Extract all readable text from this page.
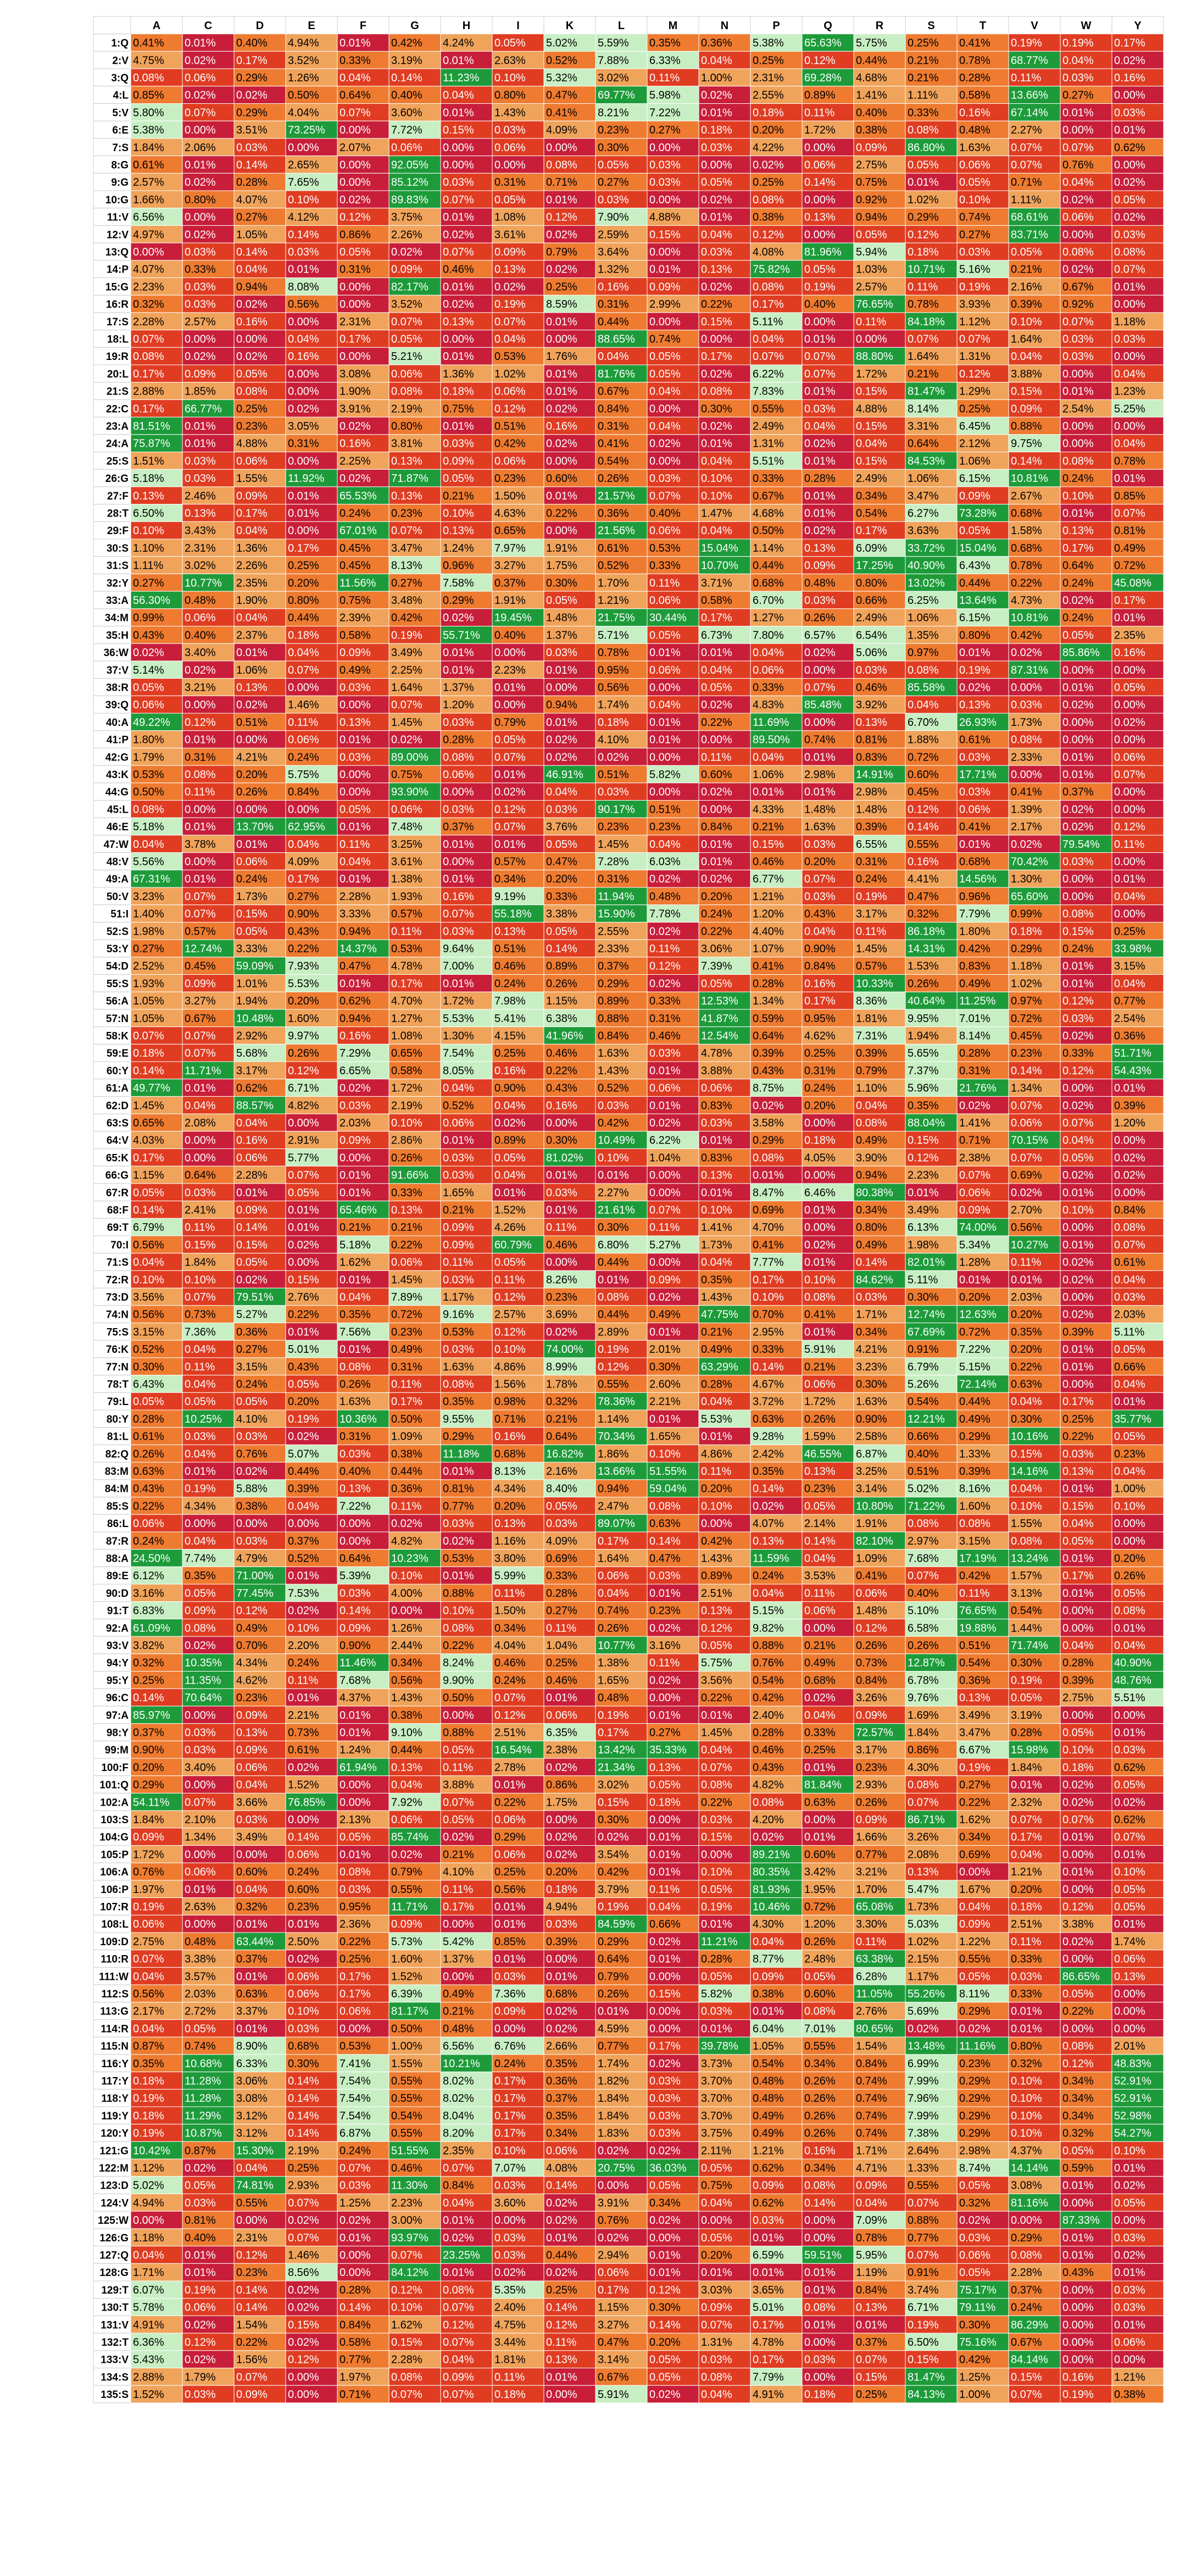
A	C	D	E	F	G	H	I	K	L	M	N	P	Q	R	S	T	V	W	Y
1:Q 0.41% 0.01% 0.40% 4.94% 0.01% 0.42% 4.24% 0.05% 5.02% 5.59% 0.35% 0.36% 5.38% 65.63% 5.75% 0.25% 0.41% 0.19% 0.19% 0.17%
2:V 4.75% 0.02% 0.17% 3.52% 0.33% 3.19% 0.01% 2.63% 0.52% 7.88% 6.33% 0.04% 0.25% 0.12% 0.44% 0.21% 0.78% 68.77% 0.04% 0.02%
3:Q 0.08% 0.06% 0.29% 1.26% 0.04% 0.14% 11.23% 0.10% 5.32% 3.02% 0.11% 1.00% 2.31% 69.28% 4.68% 0.21% 0.28% 0.11% 0.03% 0.16%
4:L 0.85% 0.02% 0.02% 0.50% 0.64% 0.40% 0.04% 0.80% 0.47% 69.77% 5.98% 0.02% 2.55% 0.89% 1.41% 1.11% 0.58% 13.66% 0.27% 0.00%
5:V 5.80% 0.07% 0.29% 4.04% 0.07% 3.60% 0.01% 1.43% 0.41% 8.21% 7.22% 0.01% 0.18% 0.11% 0.40% 0.33% 0.16% 67.14% 0.01% 0.03%
6:E 5.38% 0.00% 3.51% 73.25% 0.00% 7.72% 0.15% 0.03% 4.09% 0.23% 0.27% 0.18% 0.20% 1.72% 0.38% 0.08% 0.48% 2.27% 0.00% 0.01%
7:S 1.84% 2.06% 0.03% 0.00% 2.07% 0.06% 0.00% 0.06% 0.00% 0.30% 0.00% 0.03% 4.22% 0.00% 0.09% 86.80% 1.63% 0.07% 0.07% 0.62%
8:G 0.61% 0.01% 0.14% 2.65% 0.00% 92.05% 0.00% 0.00% 0.08% 0.05% 0.03% 0.00% 0.02% 0.06% 2.75% 0.05% 0.06% 0.07% 0.76% 0.00%
9:G 2.57% 0.02% 0.28% 7.65% 0.00% 85.12% 0.03% 0.31% 0.71% 0.27% 0.03% 0.05% 0.25% 0.14% 0.75% 0.01% 0.05% 0.71% 0.04% 0.02%
10:G 1.66% 0.80% 4.07% 0.10% 0.02% 89.83% 0.07% 0.05% 0.01% 0.03% 0.00% 0.02% 0.08% 0.00% 0.92% 1.02% 0.10% 1.11% 0.02% 0.05%
11:V 6.56% 0.00% 0.27% 4.12% 0.12% 3.75% 0.01% 1.08% 0.12% 7.90% 4.88% 0.01% 0.38% 0.13% 0.94% 0.29% 0.74% 68.61% 0.06% 0.02%
12:V 4.97% 0.02% 1.05% 0.14% 0.86% 2.26% 0.02% 3.61% 0.02% 2.59% 0.15% 0.04% 0.12% 0.00% 0.05% 0.12% 0.27% 83.71% 0.00% 0.03%
13:Q 0.00% 0.03% 0.14% 0.03% 0.05% 0.02% 0.07% 0.09% 0.79% 3.64% 0.00% 0.03% 4.08% 81.96% 5.94% 0.18% 0.03% 0.05% 0.08% 0.08%
14:P 4.07% 0.33% 0.04% 0.01% 0.31% 0.09% 0.46% 0.13% 0.02% 1.32% 0.01% 0.13% 75.82% 0.05% 1.03% 10.71% 5.16% 0.21% 0.02% 0.07%
15:G 2.23% 0.03% 0.94% 8.08% 0.00% 82.17% 0.01% 0.02% 0.25% 0.16% 0.09% 0.02% 0.08% 0.19% 2.57% 0.11% 0.19% 2.16% 0.67% 0.01%
16:R 0.32% 0.03% 0.02% 0.56% 0.00% 3.52% 0.02% 0.19% 8.59% 0.31% 2.99% 0.22% 0.17% 0.40% 76.65% 0.78% 3.93% 0.39% 0.92% 0.00%
17:S 2.28% 2.57% 0.16% 0.00% 2.31% 0.07% 0.13% 0.07% 0.01% 0.44% 0.00% 0.15% 5.11% 0.00% 0.11% 84.18% 1.12% 0.10% 0.07% 1.18%
18:L 0.07% 0.00% 0.00% 0.04% 0.17% 0.05% 0.00% 0.04% 0.00% 88.65% 0.74% 0.00% 0.04% 0.01% 0.00% 0.07% 0.07% 1.64% 0.03% 0.03%
19:R 0.08% 0.02% 0.02% 0.16% 0.00% 5.21% 0.01% 0.53% 1.76% 0.04% 0.05% 0.17% 0.07% 0.07% 88.80% 1.64% 1.31% 0.04% 0.03% 0.00%
20:L 0.17% 0.09% 0.05% 0.00% 3.08% 0.06% 1.36% 1.02% 0.01% 81.76% 0.05% 0.02% 6.22% 0.07% 1.72% 0.21% 0.12% 3.88% 0.00% 0.04%
21:S 2.88% 1.85% 0.08% 0.00% 1.90% 0.08% 0.18% 0.06% 0.01% 0.67% 0.04% 0.08% 7.83% 0.01% 0.15% 81.47% 1.29% 0.15% 0.01% 1.23%
22:C 0.17% 66.77% 0.25% 0.02% 3.91% 2.19% 0.75% 0.12% 0.02% 0.84% 0.00% 0.30% 0.55% 0.03% 4.88% 8.14% 0.25% 0.09% 2.54% 5.25%
23:A 81.51% 0.01% 0.23% 3.05% 0.02% 0.80% 0.01% 0.51% 0.16% 0.31% 0.04% 0.02% 2.49% 0.04% 0.15% 3.31% 6.45% 0.88% 0.00% 0.00%
24:A 75.87% 0.01% 4.88% 0.31% 0.16% 3.81% 0.03% 0.42% 0.02% 0.41% 0.02% 0.01% 1.31% 0.02% 0.04% 0.64% 2.12% 9.75% 0.00% 0.04%
25:S 1.51% 0.03% 0.06% 0.00% 2.25% 0.13% 0.09% 0.06% 0.00% 0.54% 0.00% 0.04% 5.51% 0.01% 0.15% 84.53% 1.06% 0.14% 0.08% 0.78%
26:G 5.18% 0.03% 1.55% 11.92% 0.02% 71.87% 0.05% 0.23% 0.60% 0.26% 0.03% 0.10% 0.33% 0.28% 2.49% 1.06% 6.15% 10.81% 0.24% 0.01%
27:F 0.13% 2.46% 0.09% 0.01% 65.53% 0.13% 0.21% 1.50% 0.01% 21.57% 0.07% 0.10% 0.67% 0.01% 0.34% 3.47% 0.09% 2.67% 0.10% 0.85%
28:T 6.50% 0.13% 0.17% 0.01% 0.24% 0.23% 0.10% 4.63% 0.22% 0.36% 0.40% 1.47% 4.68% 0.01% 0.54% 6.27% 73.28% 0.68% 0.01% 0.07%
29:F 0.10% 3.43% 0.04% 0.00% 67.01% 0.07% 0.13% 0.65% 0.00% 21.56% 0.06% 0.04% 0.50% 0.02% 0.17% 3.63% 0.05% 1.58% 0.13% 0.81%
30:S 1.10% 2.31% 1.36% 0.17% 0.45% 3.47% 1.24% 7.97% 1.91% 0.61% 0.53% 15.04% 1.14% 0.13% 6.09% 33.72% 15.04% 0.68% 0.17% 0.49%
31:S 1.11% 3.02% 2.26% 0.25% 0.45% 8.13% 0.96% 3.27% 1.75% 0.52% 0.33% 10.70% 0.44% 0.09% 17.25% 40.90% 6.43% 0.78% 0.64% 0.72%
32:Y 0.27% 10.77% 2.35% 0.20% 11.56% 0.27% 7.58% 0.37% 0.30% 1.70% 0.11% 3.71% 0.68% 0.48% 0.80% 13.02% 0.44% 0.22% 0.24% 45.08%
33:A 56.30% 0.48% 1.90% 0.80% 0.75% 3.48% 0.29% 1.91% 0.05% 1.21% 0.06% 0.58% 6.70% 0.03% 0.66% 6.25% 13.64% 4.73% 0.02% 0.17%
34:M 0.99% 0.06% 0.04% 0.44% 2.39% 0.42% 0.02% 19.45% 1.48% 21.75% 30.44% 0.17% 1.27% 0.26% 2.49% 1.06% 6.15% 10.81% 0.24% 0.01%
35:H 0.43% 0.40% 2.37% 0.18% 0.58% 0.19% 55.71% 0.40% 1.37% 5.71% 0.05% 6.73% 7.80% 6.57% 6.54% 1.35% 0.80% 0.42% 0.05% 2.35%
36:W 0.02% 3.40% 0.01% 0.04% 0.09% 3.49% 0.01% 0.00% 0.03% 0.78% 0.01% 0.01% 0.04% 0.02% 5.06% 0.97% 0.01% 0.02% 85.86% 0.16%
37:V 5.14% 0.02% 1.06% 0.07% 0.49% 2.25% 0.01% 2.23% 0.01% 0.95% 0.06% 0.04% 0.06% 0.00% 0.03% 0.08% 0.19% 87.31% 0.00% 0.00%
38:R 0.05% 3.21% 0.13% 0.00% 0.03% 1.64% 1.37% 0.01% 0.00% 0.56% 0.00% 0.05% 0.33% 0.07% 0.46% 85.58% 0.02% 0.00% 0.01% 0.05%
39:Q 0.06% 0.00% 0.02% 1.46% 0.00% 0.07% 1.20% 0.00% 0.94% 1.74% 0.04% 0.02% 4.83% 85.48% 3.92% 0.04% 0.13% 0.03% 0.02% 0.00%
40:A 49.22% 0.12% 0.51% 0.11% 0.13% 1.45% 0.03% 0.79% 0.01% 0.18% 0.01% 0.22% 11.69% 0.00% 0.13% 6.70% 26.93% 1.73% 0.00% 0.02%
41:P 1.80% 0.01% 0.00% 0.06% 0.01% 0.02% 0.28% 0.05% 0.02% 4.10% 0.01% 0.00% 89.50% 0.74% 0.81% 1.88% 0.61% 0.08% 0.00% 0.00%
42:G 1.79% 0.31% 4.21% 0.24% 0.03% 89.00% 0.08% 0.07% 0.02% 0.02% 0.00% 0.11% 0.04% 0.01% 0.83% 0.72% 0.03% 2.33% 0.01% 0.06%
43:K 0.53% 0.08% 0.20% 5.75% 0.00% 0.75% 0.06% 0.01% 46.91% 0.51% 5.82% 0.60% 1.06% 2.98% 14.91% 0.60% 17.71% 0.00% 0.01% 0.07%
44:G 0.50% 0.11% 0.26% 0.84% 0.00% 93.90% 0.00% 0.02% 0.04% 0.03% 0.00% 0.02% 0.01% 0.01% 2.98% 0.45% 0.03% 0.41% 0.37% 0.00%
45:L 0.08% 0.00% 0.00% 0.00% 0.05% 0.06% 0.03% 0.12% 0.03% 90.17% 0.51% 0.00% 4.33% 1.48% 1.48% 0.12% 0.06% 1.39% 0.02% 0.00%
46:E 5.18% 0.01% 13.70% 62.95% 0.01% 7.48% 0.37% 0.07% 3.76% 0.23% 0.23% 0.84% 0.21% 1.63% 0.39% 0.14% 0.41% 2.17% 0.02% 0.12%
47:W 0.04% 3.78% 0.01% 0.04% 0.11% 3.25% 0.01% 0.01% 0.05% 1.45% 0.04% 0.01% 0.15% 0.03% 6.55% 0.55% 0.01% 0.02% 79.54% 0.11%
48:V 5.56% 0.00% 0.06% 4.09% 0.04% 3.61% 0.00% 0.57% 0.47% 7.28% 6.03% 0.01% 0.46% 0.20% 0.31% 0.16% 0.68% 70.42% 0.03% 0.00%
49:A 67.31% 0.01% 0.24% 0.17% 0.01% 1.38% 0.01% 0.34% 0.20% 0.31% 0.02% 0.02% 6.77% 0.07% 0.24% 4.41% 14.56% 1.30% 0.00% 0.01%
50:V 3.23% 0.07% 1.73% 0.27% 2.28% 1.93% 0.16% 9.19% 0.33% 11.94% 0.48% 0.20% 1.21% 0.03% 0.19% 0.47% 0.96% 65.60% 0.00% 0.04%
51:I 1.40% 0.07% 0.15% 0.90% 3.33% 0.57% 0.07% 55.18% 3.38% 15.90% 7.78% 0.24% 1.20% 0.43% 3.17% 0.32% 7.79% 0.99% 0.08% 0.00%
52:S 1.98% 0.57% 0.05% 0.43% 0.94% 0.11% 0.03% 0.13% 0.05% 2.55% 0.02% 0.22% 4.40% 0.04% 0.11% 86.18% 1.80% 0.18% 0.15% 0.25%
53:Y 0.27% 12.74% 3.33% 0.22% 14.37% 0.53% 9.64% 0.51% 0.14% 2.33% 0.11% 3.06% 1.07% 0.90% 1.45% 14.31% 0.42% 0.29% 0.24% 33.98%
54:D 2.52% 0.45% 59.09% 7.93% 0.47% 4.78% 7.00% 0.46% 0.89% 0.37% 0.12% 7.39% 0.41% 0.84% 0.57% 1.53% 0.83% 1.18% 0.01% 3.15%
55:S 1.93% 0.09% 1.01% 5.53% 0.01% 0.17% 0.01% 0.24% 0.26% 0.29% 0.02% 0.05% 0.28% 0.16% 10.33% 0.26% 0.49% 1.02% 0.01% 0.04%
56:A 1.05% 3.27% 1.94% 0.20% 0.62% 4.70% 1.72% 7.98% 1.15% 0.89% 0.33% 12.53% 1.34% 0.17% 8.36% 40.64% 11.25% 0.97% 0.12% 0.77%
57:N 1.05% 0.67% 10.48% 1.60% 0.94% 1.27% 5.53% 5.41% 6.38% 0.88% 0.31% 41.87% 0.59% 0.95% 1.81% 9.95% 7.01% 0.72% 0.03% 2.54%
58:K 0.07% 0.07% 2.92% 9.97% 0.16% 1.08% 1.30% 4.15% 41.96% 0.84% 0.46% 12.54% 0.64% 4.62% 7.31% 1.94% 8.14% 0.45% 0.02% 0.36%
59:E 0.18% 0.07% 5.68% 0.26% 7.29% 0.65% 7.54% 0.25% 0.46% 1.63% 0.03% 4.78% 0.39% 0.25% 0.39% 5.65% 0.28% 0.23% 0.33% 51.71%
60:Y 0.14% 11.71% 3.17% 0.12% 6.65% 0.58% 8.05% 0.16% 0.22% 1.43% 0.01% 3.88% 0.43% 0.31% 0.79% 7.37% 0.31% 0.14% 0.12% 54.43%
61:A 49.77% 0.01% 0.62% 6.71% 0.02% 1.72% 0.04% 0.90% 0.43% 0.52% 0.06% 0.06% 8.75% 0.24% 1.10% 5.96% 21.76% 1.34% 0.00% 0.01%
62:D 1.45% 0.04% 88.57% 4.82% 0.03% 2.19% 0.52% 0.04% 0.16% 0.03% 0.01% 0.83% 0.02% 0.20% 0.04% 0.35% 0.02% 0.07% 0.02% 0.39%
63:S 0.65% 2.08% 0.04% 0.00% 2.03% 0.10% 0.06% 0.02% 0.00% 0.42% 0.02% 0.03% 3.58% 0.00% 0.08% 88.04% 1.41% 0.06% 0.07% 1.20%
64:V 4.03% 0.00% 0.16% 2.91% 0.09% 2.86% 0.01% 0.89% 0.30% 10.49% 6.22% 0.01% 0.29% 0.18% 0.49% 0.15% 0.71% 70.15% 0.04% 0.00%
65:K 0.17% 0.00% 0.06% 5.77% 0.00% 0.26% 0.03% 0.05% 81.02% 0.10% 1.04% 0.83% 0.08% 4.05% 3.90% 0.12% 2.38% 0.07% 0.05% 0.02%
66:G 1.15% 0.64% 2.28% 0.07% 0.01% 91.66% 0.03% 0.04% 0.01% 0.01% 0.00% 0.13% 0.01% 0.00% 0.94% 2.23% 0.07% 0.69% 0.02% 0.02%
67:R 0.05% 0.03% 0.01% 0.05% 0.01% 0.33% 1.65% 0.01% 0.03% 2.27% 0.00% 0.01% 8.47% 6.46% 80.38% 0.01% 0.06% 0.02% 0.01% 0.00%
68:F 0.14% 2.41% 0.09% 0.01% 65.46% 0.13% 0.21% 1.52% 0.01% 21.61% 0.07% 0.10% 0.69% 0.01% 0.34% 3.49% 0.09% 2.70% 0.10% 0.84%
69:T 6.79% 0.11% 0.14% 0.01% 0.21% 0.21% 0.09% 4.26% 0.11% 0.30% 0.11% 1.41% 4.70% 0.00% 0.80% 6.13% 74.00% 0.56% 0.00% 0.08%
70:I 0.56% 0.15% 0.15% 0.02% 5.18% 0.22% 0.09% 60.79% 0.46% 6.80% 5.27% 1.73% 0.41% 0.02% 0.49% 1.98% 5.34% 10.27% 0.01% 0.07%
71:S 0.04% 1.84% 0.05% 0.00% 1.62% 0.06% 0.11% 0.05% 0.00% 0.44% 0.00% 0.04% 7.77% 0.01% 0.14% 82.01% 1.28% 0.11% 0.02% 0.61%
72:R 0.10% 0.10% 0.02% 0.15% 0.01% 1.45% 0.03% 0.11% 8.26% 0.01% 0.09% 0.35% 0.17% 0.10% 84.62% 5.11% 0.01% 0.01% 0.02% 0.04%
73:D 3.56% 0.07% 79.51% 2.76% 0.04% 7.89% 1.17% 0.12% 0.23% 0.08% 0.02% 1.43% 0.10% 0.08% 0.03% 0.30% 0.20% 2.03% 0.00% 0.03%
74:N 0.56% 0.73% 5.27% 0.22% 0.35% 0.72% 9.16% 2.57% 3.69% 0.44% 0.49% 47.75% 0.70% 0.41% 1.71% 12.74% 12.63% 0.20% 0.02% 2.03%
75:S 3.15% 7.36% 0.36% 0.01% 7.56% 0.23% 0.53% 0.12% 0.02% 2.89% 0.01% 0.21% 2.95% 0.01% 0.34% 67.69% 0.72% 0.35% 0.39% 5.11%
76:K 0.52% 0.04% 0.27% 5.01% 0.01% 0.49% 0.03% 0.10% 74.00% 0.19% 2.01% 0.49% 0.33% 5.91% 4.21% 0.91% 7.22% 0.20% 0.01% 0.05%
77:N 0.30% 0.11% 3.15% 0.43% 0.08% 0.31% 1.63% 4.86% 8.99% 0.12% 0.30% 63.29% 0.14% 0.21% 3.23% 6.79% 5.15% 0.22% 0.01% 0.66%
78:T 6.43% 0.04% 0.24% 0.05% 0.26% 0.11% 0.08% 1.56% 1.78% 0.55% 2.60% 0.28% 4.67% 0.06% 0.30% 5.26% 72.14% 0.63% 0.00% 0.04%
79:L 0.05% 0.05% 0.05% 0.20% 1.63% 0.17% 0.35% 0.98% 0.32% 78.36% 2.21% 0.04% 3.72% 1.72% 1.63% 0.54% 0.44% 0.04% 0.17% 0.01%
80:Y 0.28% 10.25% 4.10% 0.19% 10.36% 0.50% 9.55% 0.71% 0.21% 1.14% 0.01% 5.53% 0.63% 0.26% 0.90% 12.21% 0.49% 0.30% 0.25% 35.77%
81:L 0.61% 0.03% 0.03% 0.02% 0.31% 1.09% 0.29% 0.16% 0.64% 70.34% 1.65% 0.01% 9.28% 1.59% 2.58% 0.66% 0.29% 10.16% 0.22% 0.05%
82:Q 0.26% 0.04% 0.76% 5.07% 0.03% 0.38% 11.18% 0.68% 16.82% 1.86% 0.10% 4.86% 2.42% 46.55% 6.87% 0.40% 1.33% 0.15% 0.03% 0.23%
83:M 0.63% 0.01% 0.02% 0.44% 0.40% 0.44% 0.01% 8.13% 2.16% 13.66% 51.55% 0.11% 0.35% 0.13% 3.25% 0.51% 0.39% 14.16% 0.13% 0.04%
84:M 0.43% 0.19% 5.88% 0.39% 0.13% 0.36% 0.81% 4.34% 8.40% 0.94% 59.04% 0.20% 0.14% 0.23% 3.14% 5.02% 8.16% 0.04% 0.01% 1.00%
85:S 0.22% 4.34% 0.38% 0.04% 7.22% 0.11% 0.77% 0.20% 0.05% 2.47% 0.08% 0.10% 0.02% 0.05% 10.80% 71.22% 1.60% 0.10% 0.15% 0.10%
86:L 0.06% 0.00% 0.00% 0.00% 0.00% 0.02% 0.03% 0.13% 0.03% 89.07% 0.63% 0.00% 4.07% 2.14% 1.91% 0.08% 0.08% 1.55% 0.04% 0.00%
87:R 0.24% 0.04% 0.03% 0.37% 0.00% 4.82% 0.02% 1.16% 4.09% 0.17% 0.14% 0.42% 0.13% 0.14% 82.10% 2.97% 3.15% 0.08% 0.05% 0.00%
88:A 24.50% 7.74% 4.79% 0.52% 0.64% 10.23% 0.53% 3.80% 0.69% 1.64% 0.47% 1.43% 11.59% 0.04% 1.09% 7.68% 17.19% 13.24% 0.01% 0.20%
89:E 6.12% 0.35% 71.00% 0.01% 5.39% 0.10% 0.01% 5.99% 0.33% 0.06% 0.03% 0.89% 0.24% 3.53% 0.41% 0.07% 0.42% 1.57% 0.17% 0.26%
90:D 3.16% 0.05% 77.45% 7.53% 0.03% 4.00% 0.88% 0.11% 0.28% 0.04% 0.01% 2.51% 0.04% 0.11% 0.06% 0.40% 0.11% 3.13% 0.01% 0.05%
91:T 6.83% 0.09% 0.12% 0.02% 0.14% 0.00% 0.10% 1.50% 0.27% 0.74% 0.23% 0.13% 5.15% 0.06% 1.48% 5.10% 76.65% 0.54% 0.00% 0.08%
92:A 61.09% 0.08% 0.49% 0.10% 0.09% 1.26% 0.08% 0.34% 0.11% 0.26% 0.02% 0.12% 9.82% 0.00% 0.12% 6.58% 19.88% 1.44% 0.00% 0.01%
93:V 3.82% 0.02% 0.70% 2.20% 0.90% 2.44% 0.22% 4.04% 1.04% 10.77% 3.16% 0.05% 0.88% 0.21% 0.26% 0.26% 0.51% 71.74% 0.04% 0.04%
94:Y 0.32% 10.35% 4.34% 0.24% 11.46% 0.34% 8.24% 0.46% 0.25% 1.38% 0.11% 5.75% 0.76% 0.49% 0.73% 12.87% 0.54% 0.30% 0.28% 40.90%
95:Y 0.25% 11.35% 4.62% 0.11% 7.68% 0.56% 9.90% 0.24% 0.46% 1.65% 0.02% 3.56% 0.54% 0.68% 0.84% 6.78% 0.36% 0.19% 0.39% 48.76%
96:C 0.14% 70.64% 0.23% 0.01% 4.37% 1.43% 0.50% 0.07% 0.01% 0.48% 0.00% 0.22% 0.42% 0.02% 3.26% 9.76% 0.13% 0.05% 2.75% 5.51%
97:A 85.97% 0.00% 0.09% 2.21% 0.01% 0.38% 0.00% 0.12% 0.06% 0.19% 0.01% 0.01% 2.40% 0.04% 0.09% 1.69% 3.49% 3.19% 0.00% 0.00%
98:Y 0.37% 0.03% 0.13% 0.73% 0.01% 9.10% 0.88% 2.51% 6.35% 0.17% 0.27% 1.45% 0.28% 0.33% 72.57% 1.84% 3.47% 0.28% 0.05% 0.01%
99:M 0.90% 0.03% 0.09% 0.61% 1.24% 0.44% 0.05% 16.54% 2.38% 13.42% 35.33% 0.04% 0.46% 0.25% 3.17% 0.86% 6.67% 15.98% 0.10% 0.03%
100:F 0.20% 3.40% 0.06% 0.02% 61.94% 0.13% 0.11% 2.78% 0.02% 21.34% 0.13% 0.07% 0.43% 0.01% 0.23% 4.30% 0.19% 1.84% 0.18% 0.62%
101:Q 0.29% 0.00% 0.04% 1.52% 0.00% 0.04% 3.88% 0.01% 0.86% 3.02% 0.05% 0.08% 4.82% 81.84% 2.93% 0.08% 0.27% 0.01% 0.02% 0.05%
102:A 54.11% 0.07% 3.66% 76.85% 0.00% 7.92% 0.07% 0.22% 1.75% 0.15% 0.18% 0.22% 0.08% 0.63% 0.26% 0.07% 0.22% 2.32% 0.02% 0.02%
103:S 1.84% 2.10% 0.03% 0.00% 2.13% 0.06% 0.05% 0.06% 0.00% 0.30% 0.00% 0.03% 4.20% 0.00% 0.09% 86.71% 1.62% 0.07% 0.07% 0.62%
104:G 0.09% 1.34% 3.49% 0.14% 0.05% 85.74% 0.02% 0.29% 0.02% 0.02% 0.01% 0.15% 0.02% 0.01% 1.66% 3.26% 0.34% 0.17% 0.01% 0.07%
105:P 1.72% 0.00% 0.00% 0.06% 0.01% 0.02% 0.21% 0.06% 0.02% 3.54% 0.01% 0.00% 89.21% 0.60% 0.77% 2.08% 0.69% 0.04% 0.00% 0.01%
106:A 0.76% 0.06% 0.60% 0.24% 0.08% 0.79% 4.10% 0.25% 0.20% 0.42% 0.01% 0.10% 80.35% 3.42% 3.21% 0.13% 0.00% 1.21% 0.01% 0.10%
106:P 1.97% 0.01% 0.04% 0.60% 0.03% 0.55% 0.11% 0.56% 0.18% 3.79% 0.11% 0.05% 81.93% 1.95% 1.70% 5.47% 1.67% 0.20% 0.00% 0.05%
107:R 0.19% 2.63% 0.32% 0.23% 0.95% 11.71% 0.17% 0.01% 4.94% 0.19% 0.04% 0.19% 10.46% 0.72% 65.08% 1.73% 0.04% 0.18% 0.12% 0.05%
108:L 0.06% 0.00% 0.01% 0.01% 2.36% 0.09% 0.00% 0.01% 0.03% 84.59% 0.66% 0.01% 4.30% 1.20% 3.30% 5.03% 0.09% 2.51% 3.38% 0.01%
109:D 2.75% 0.48% 63.44% 2.50% 0.22% 5.73% 5.42% 0.85% 0.39% 0.29% 0.02% 11.21% 0.04% 0.26% 0.11% 1.02% 1.22% 0.11% 0.02% 1.74%
110:R 0.07% 3.38% 0.37% 0.02% 0.25% 1.60% 1.37% 0.01% 0.00% 0.64% 0.01% 0.28% 8.77% 2.48% 63.38% 2.15% 0.55% 0.33% 0.00% 0.06%
111:W 0.04% 3.57% 0.01% 0.06% 0.17% 1.52% 0.00% 0.03% 0.01% 0.79% 0.00% 0.05% 0.09% 0.05% 6.28% 1.17% 0.05% 0.03% 86.65% 0.13%
112:S 0.56% 2.03% 0.63% 0.06% 0.17% 6.39% 0.49% 7.36% 0.68% 0.26% 0.15% 5.82% 0.38% 0.60% 11.05% 55.26% 8.11% 0.33% 0.05% 0.00%
113:G 2.17% 2.72% 3.37% 0.10% 0.06% 81.17% 0.21% 0.09% 0.02% 0.01% 0.00% 0.03% 0.01% 0.08% 2.76% 5.69% 0.29% 0.01% 0.22% 0.00%
114:R 0.04% 0.05% 0.01% 0.03% 0.00% 0.50% 0.48% 0.00% 0.02% 4.59% 0.00% 0.01% 6.04% 7.01% 80.65% 0.02% 0.02% 0.01% 0.00% 0.00%
115:N 0.87% 0.74% 8.90% 0.68% 0.53% 1.00% 6.56% 6.76% 2.66% 0.77% 0.17% 39.78% 1.05% 0.55% 1.54% 13.48% 11.16% 0.80% 0.08% 2.01%
116:Y 0.35% 10.68% 6.33% 0.30% 7.41% 1.55% 10.21% 0.24% 0.35% 1.74% 0.02% 3.73% 0.54% 0.34% 0.84% 6.99% 0.23% 0.32% 0.12% 48.83%
117:Y 0.18% 11.28% 3.06% 0.14% 7.54% 0.55% 8.02% 0.17% 0.36% 1.82% 0.03% 3.70% 0.48% 0.26% 0.74% 7.99% 0.29% 0.10% 0.34% 52.91%
118:Y 0.19% 11.28% 3.08% 0.14% 7.54% 0.55% 8.02% 0.17% 0.37% 1.84% 0.03% 3.70% 0.48% 0.26% 0.74% 7.96% 0.29% 0.10% 0.34% 52.91%
119:Y 0.18% 11.29% 3.12% 0.14% 7.54% 0.54% 8.04% 0.17% 0.35% 1.84% 0.03% 3.70% 0.49% 0.26% 0.74% 7.99% 0.29% 0.10% 0.34% 52.98%
120:Y 0.19% 10.87% 3.12% 0.14% 6.87% 0.55% 8.20% 0.17% 0.34% 1.83% 0.03% 3.75% 0.49% 0.26% 0.74% 7.38% 0.29% 0.10% 0.32% 54.27%
121:G 10.42% 0.87% 15.30% 2.19% 0.24% 51.55% 2.35% 0.10% 0.06% 0.02% 0.02% 2.11% 1.21% 0.16% 1.71% 2.64% 2.98% 4.37% 0.05% 0.10%
122:M 1.12% 0.02% 0.04% 0.25% 0.07% 0.46% 0.07% 7.07% 4.08% 20.75% 36.03% 0.05% 0.62% 0.34% 4.71% 1.33% 8.74% 14.14% 0.59% 0.01%
123:D 5.02% 0.05% 74.81% 2.93% 0.03% 11.30% 0.84% 0.03% 0.14% 0.00% 0.05% 0.75% 0.09% 0.08% 0.09% 0.55% 0.05% 3.08% 0.01% 0.02%
124:V 4.94% 0.03% 0.55% 0.07% 1.25% 2.23% 0.04% 3.60% 0.02% 3.91% 0.34% 0.04% 0.62% 0.14% 0.04% 0.07% 0.32% 81.16% 0.00% 0.05%
125:W 0.00% 0.81% 0.00% 0.02% 0.02% 3.00% 0.01% 0.00% 0.02% 0.76% 0.02% 0.00% 0.03% 0.00% 7.09% 0.88% 0.02% 0.00% 87.33% 0.00%
126:G 1.18% 0.40% 2.31% 0.07% 0.01% 93.97% 0.02% 0.03% 0.01% 0.02% 0.00% 0.05% 0.01% 0.00% 0.78% 0.77% 0.03% 0.29% 0.01% 0.03%
127:Q 0.04% 0.01% 0.12% 1.46% 0.00% 0.07% 23.25% 0.03% 0.44% 2.94% 0.01% 0.20% 6.59% 59.51% 5.95% 0.07% 0.06% 0.08% 0.01% 0.02%
128:G 1.71% 0.01% 0.23% 8.56% 0.00% 84.12% 0.01% 0.02% 0.02% 0.06% 0.01% 0.01% 0.01% 0.01% 1.19% 0.91% 0.05% 2.28% 0.43% 0.01%
129:T 6.07% 0.19% 0.14% 0.02% 0.28% 0.12% 0.08% 5.35% 0.25% 0.17% 0.12% 3.03% 3.65% 0.01% 0.84% 3.74% 75.17% 0.37% 0.00% 0.03%
130:T 5.78% 0.06% 0.14% 0.02% 0.14% 0.10% 0.07% 2.40% 0.14% 1.15% 0.30% 0.09% 5.01% 0.08% 0.13% 6.71% 79.11% 0.24% 0.00% 0.03%
131:V 4.91% 0.02% 1.54% 0.15% 0.84% 1.62% 0.12% 4.75% 0.12% 3.27% 0.14% 0.07% 0.17% 0.01% 0.01% 0.19% 0.30% 86.29% 0.00% 0.01%
132:T 6.36% 0.12% 0.22% 0.02% 0.58% 0.15% 0.07% 3.44% 0.11% 0.47% 0.20% 1.31% 4.78% 0.00% 0.37% 6.50% 75.16% 0.67% 0.00% 0.06%
133:V 5.43% 0.02% 1.56% 0.12% 0.77% 2.28% 0.04% 1.81% 0.13% 3.14% 0.05% 0.03% 0.17% 0.03% 0.07% 0.15% 0.42% 84.14% 0.00% 0.00%
134:S 2.88% 1.79% 0.07% 0.00% 1.97% 0.08% 0.09% 0.11% 0.01% 0.67% 0.05% 0.08% 7.79% 0.00% 0.15% 81.47% 1.25% 0.15% 0.16% 1.21%
135:S 1.52% 0.03% 0.09% 0.00% 0.71% 0.07% 0.07% 0.18% 0.00% 5.91% 0.02% 0.04% 4.91% 0.18% 0.25% 84.13% 1.00% 0.07% 0.19% 0.38%
